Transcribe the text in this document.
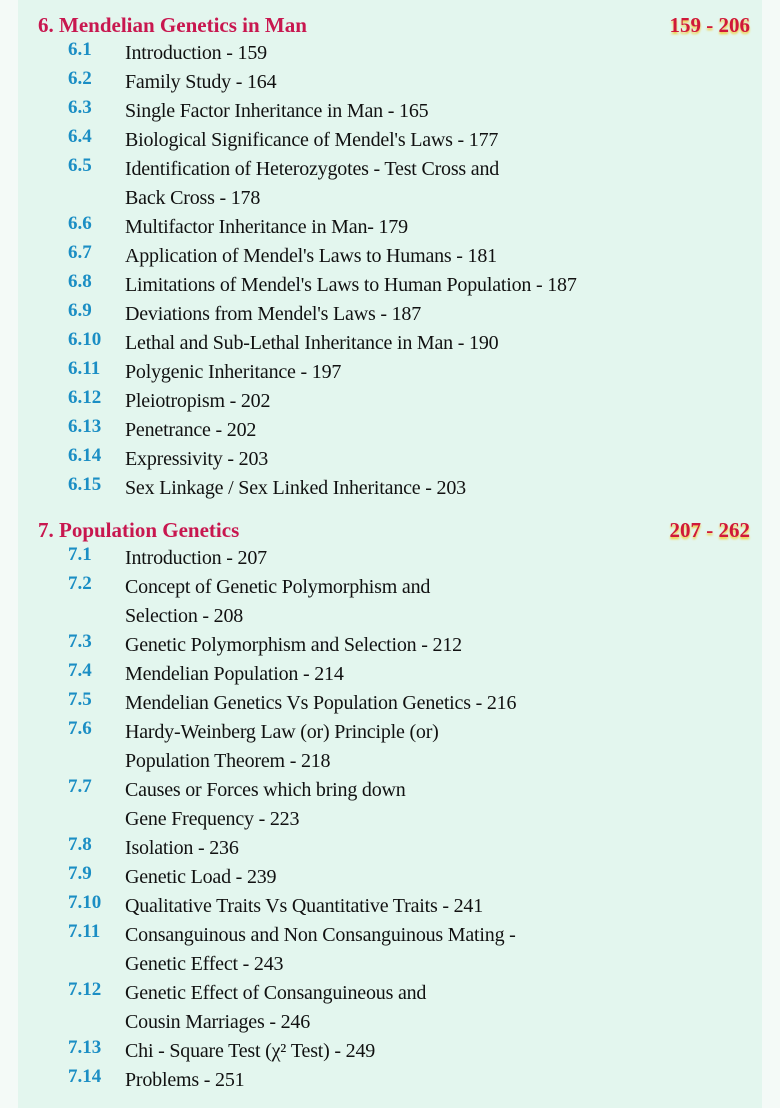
6. Mendelian Genetics in Man	159 - 206
6.1 Introduction - 159
6.2 Family Study - 164
6.3 Single Factor Inheritance in Man - 165
6.4 Biological Significance of Mendel's Laws - 177
6.5 Identification of Heterozygotes - Test Cross and
Back Cross - 178
6.6 Multifactor Inheritance in Man- 179
6.7 Application of Mendel's Laws to Humans - 181
6.8 Limitations of Mendel's Laws to Human Population - 187
6.9 Deviations from Mendel's Laws - 187
6.10 Lethal and Sub-Lethal Inheritance in Man - 190
6.11 Polygenic Inheritance - 197
6.12 Pleiotropism - 202
6.13 Penetrance - 202
6.14 Expressivity - 203
6.15 Sex Linkage / Sex Linked Inheritance - 203
7. Population Genetics	207 - 262
7.1 Introduction - 207
7.2 Concept of Genetic Polymorphism and
Selection - 208
7.3 Genetic Polymorphism and Selection - 212
7.4 Mendelian Population - 214
7.5 Mendelian Genetics Vs Population Genetics - 216
7.6 Hardy-Weinberg Law (or) Principle (or)
Population Theorem - 218
7.7 Causes or Forces which bring down
Gene Frequency - 223
7.8 Isolation - 236
7.9 Genetic Load - 239
7.10 Qualitative Traits Vs Quantitative Traits - 241
7.11 Consanguinous and Non Consanguinous Mating -
Genetic Effect - 243
7.12 Genetic Effect of Consanguineous and
Cousin Marriages - 246
7.13 Chi - Square Test (χ² Test) - 249
7.14 Problems - 251
